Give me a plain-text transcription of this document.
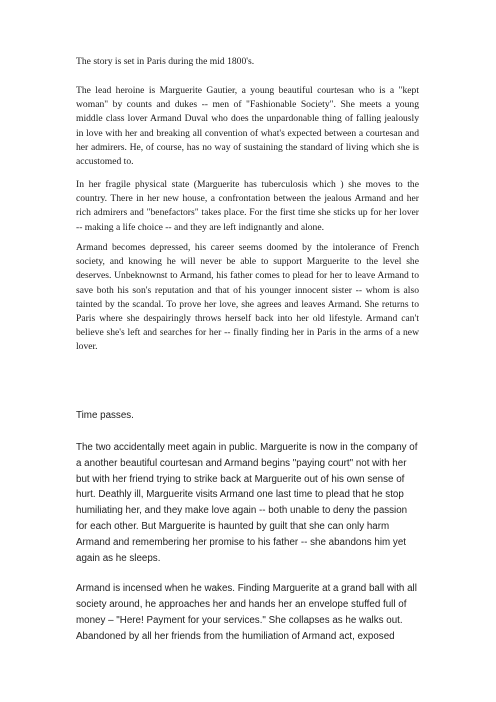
The story is set in Paris during the mid 1800's.

The lead heroine is Marguerite Gautier, a young beautiful courtesan who is a "kept woman" by counts and dukes -- men of "Fashionable Society". She meets a young middle class lover Armand Duval who does the unpardonable thing of falling jealously in love with her and breaking all convention of what's expected between a courtesan and her admirers. He, of course, has no way of sustaining the standard of living which she is accustomed to.

In her fragile physical state (Marguerite has tuberculosis which ) she moves to the country. There in her new house, a confrontation between the jealous Armand and her rich admirers and "benefactors" takes place. For the first time she sticks up for her lover -- making a life choice -- and they are left indignantly and alone.

Armand becomes depressed, his career seems doomed by the intolerance of French society, and knowing he will never be able to support Marguerite to the level she deserves. Unbeknownst to Armand, his father comes to plead for her to leave Armand to save both his son's reputation and that of his younger innocent sister -- whom is also tainted by the scandal. To prove her love, she agrees and leaves Armand. She returns to Paris where she despairingly throws herself back into her old lifestyle. Armand can't believe she's left and searches for her -- finally finding her in Paris in the arms of a new lover.

Time passes.

The two accidentally meet again in public. Marguerite is now in the company of a another beautiful courtesan and Armand begins "paying court" not with her but with her friend trying to strike back at Marguerite out of his own sense of hurt. Deathly ill, Marguerite visits Armand one last time to plead that he stop humiliating her, and they make love again -- both unable to deny the passion for each other. But Marguerite is haunted by guilt that she can only harm Armand and remembering her promise to his father -- she abandons him yet again as he sleeps.

Armand is incensed when he wakes. Finding Marguerite at a grand ball with all society around, he approaches her and hands her an envelope stuffed full of money – "Here! Payment for your services." She collapses as he walks out.

Abandoned by all her friends from the humiliation of Armand act, exposed
